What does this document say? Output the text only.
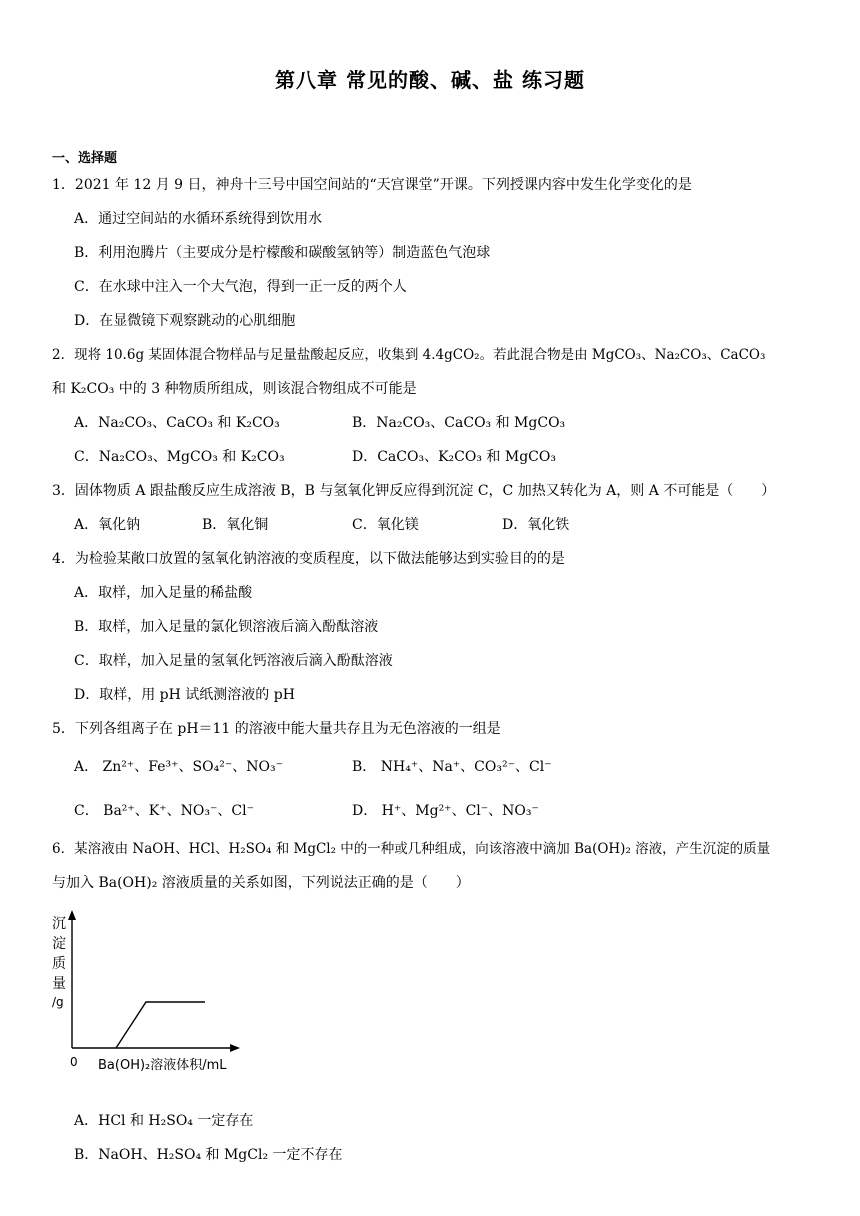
第八章 常见的酸、碱、盐 练习题
一、选择题
1．2021 年 12 月 9 日，神舟十三号中国空间站的“天宫课堂”开课。下列授课内容中发生化学变化的是
A．通过空间站的水循环系统得到饮用水
B．利用泡腾片（主要成分是柠檬酸和碳酸氢钠等）制造蓝色气泡球
C．在水球中注入一个大气泡，得到一正一反的两个人
D．在显微镜下观察跳动的心肌细胞
2．现将 10.6g 某固体混合物样品与足量盐酸起反应，收集到 4.4gCO₂。若此混合物是由 MgCO₃、Na₂CO₃、CaCO₃
和 K₂CO₃ 中的 3 种物质所组成，则该混合物组成不可能是
A．Na₂CO₃、CaCO₃ 和 K₂CO₃	B．Na₂CO₃、CaCO₃ 和 MgCO₃
C．Na₂CO₃、MgCO₃ 和 K₂CO₃	D．CaCO₃、K₂CO₃ 和 MgCO₃
3．固体物质 A 跟盐酸反应生成溶液 B，B 与氢氧化钾反应得到沉淀 C，C 加热又转化为 A，则 A 不可能是（　　）
A．氧化钠	B．氧化铜	C．氧化镁	D．氧化铁
4．为检验某敞口放置的氢氧化钠溶液的变质程度，以下做法能够达到实验目的的是
A．取样，加入足量的稀盐酸
B．取样，加入足量的氯化钡溶液后滴入酚酞溶液
C．取样，加入足量的氢氧化钙溶液后滴入酚酞溶液
D．取样，用 pH 试纸测溶液的 pH
5．下列各组离子在 pH＝11 的溶液中能大量共存且为无色溶液的一组是
A． Zn²⁺、Fe³⁺、SO₄²⁻、NO₃⁻	B． NH₄⁺、Na⁺、CO₃²⁻、Cl⁻
C． Ba²⁺、K⁺、NO₃⁻、Cl⁻	D． H⁺、Mg²⁺、Cl⁻、NO₃⁻
6．某溶液由 NaOH、HCl、H₂SO₄ 和 MgCl₂ 中的一种或几种组成，向该溶液中滴加 Ba(OH)₂ 溶液，产生沉淀的质量
与加入 Ba(OH)₂ 溶液质量的关系如图，下列说法正确的是（　　）
沉
淀
质
量
/g
0 Ba(OH)₂溶液体积/mL
A．HCl 和 H₂SO₄ 一定存在
B．NaOH、H₂SO₄ 和 MgCl₂ 一定不存在
